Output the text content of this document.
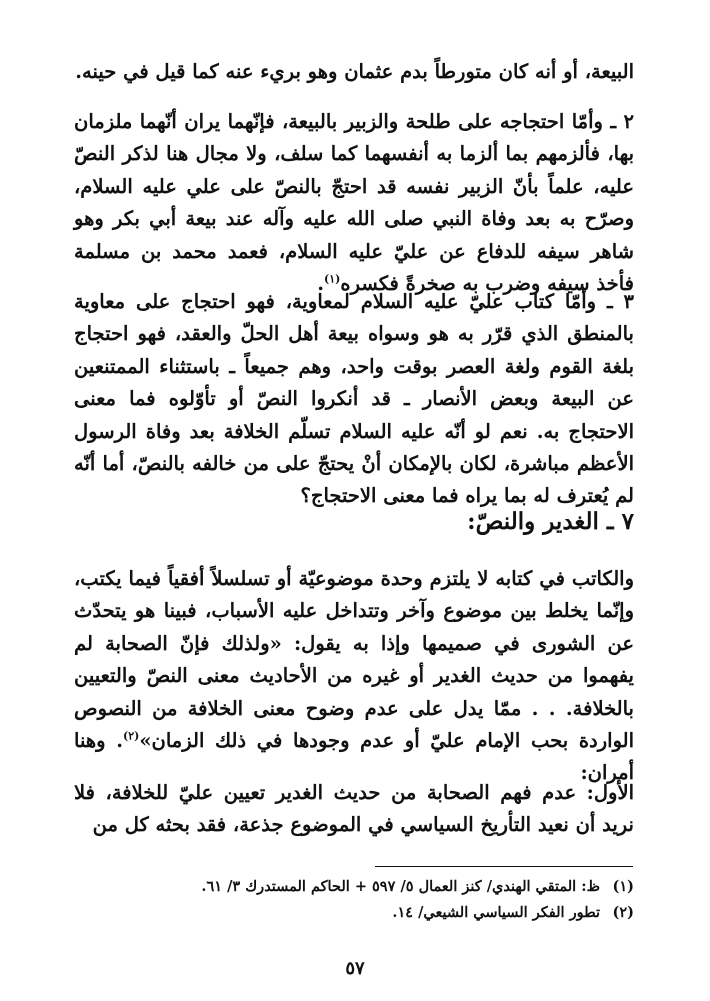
البيعة، أو أنه كان متورطاً بدم عثمان وهو بريء عنه كما قيل في حينه.

٢ ـ وأمّا احتجاجه على طلحة والزبير بالبيعة، فإنّهما يران أنّهما ملزمان بها، فألزمهم بما ألزما به أنفسهما كما سلف، ولا مجال هنا لذكر النصّ عليه، علماً بأنّ الزبير نفسه قد احتجّ بالنصّ على علي عليه السلام، وصرّح به بعد وفاة النبي صلى الله عليه وآله عند بيعة أبي بكر وهو شاهر سيفه للدفاع عن عليّ عليه السلام، فعمد محمد بن مسلمة فأخذ سيفه وضرب به صخرةً فكسره$^{(١)}$.

٣ ـ وأمّا كتاب عليّ عليه السلام لمعاوية، فهو احتجاج على معاوية بالمنطق الذي قرّر به هو وسواه بيعة أهل الحلّ والعقد، فهو احتجاج بلغة القوم ولغة العصر بوقت واحد، وهم جميعاً ـ باستثناء الممتنعين عن البيعة وبعض الأنصار ـ قد أنكروا النصّ أو تأوّلوه فما معنى الاحتجاج به. نعم لو أنّه عليه السلام تسلّم الخلافة بعد وفاة الرسول الأعظم مباشرة، لكان بالإمكان أنْ يحتجّ على من خالفه بالنصّ، أما أنّه لم يُعترف له بما يراه فما معنى الاحتجاج؟

٧ ـ الغدير والنصّ:

والكاتب في كتابه لا يلتزم وحدة موضوعيّة أو تسلسلاً أفقياً فيما يكتب، وإنّما يخلط بين موضوع وآخر وتتداخل عليه الأسباب، فبينا هو يتحدّث عن الشورى في صميمها وإذا به يقول: «ولذلك فإنّ الصحابة لم يفهموا من حديث الغدير أو غيره من الأحاديث معنى النصّ والتعيين بالخلافة. . . ممّا يدل على عدم وضوح معنى الخلافة من النصوص الواردة بحب الإمام عليّ أو عدم وجودها في ذلك الزمان»$^{(٢)}$. وهنا أمران:

الأول: عدم فهم الصحابة من حديث الغدير تعيين عليّ للخلافة، فلا نريد أن نعيد التأريخ السياسي في الموضوع جذعة، فقد بحثه كل من

(١)ظ: المتقي الهندي/ كنز العمال ٥/ ٥٩٧ + الحاكم المستدرك ٣/ ٦١.

(٢)تطور الفكر السياسي الشيعي/ ١٤.

٥٧
